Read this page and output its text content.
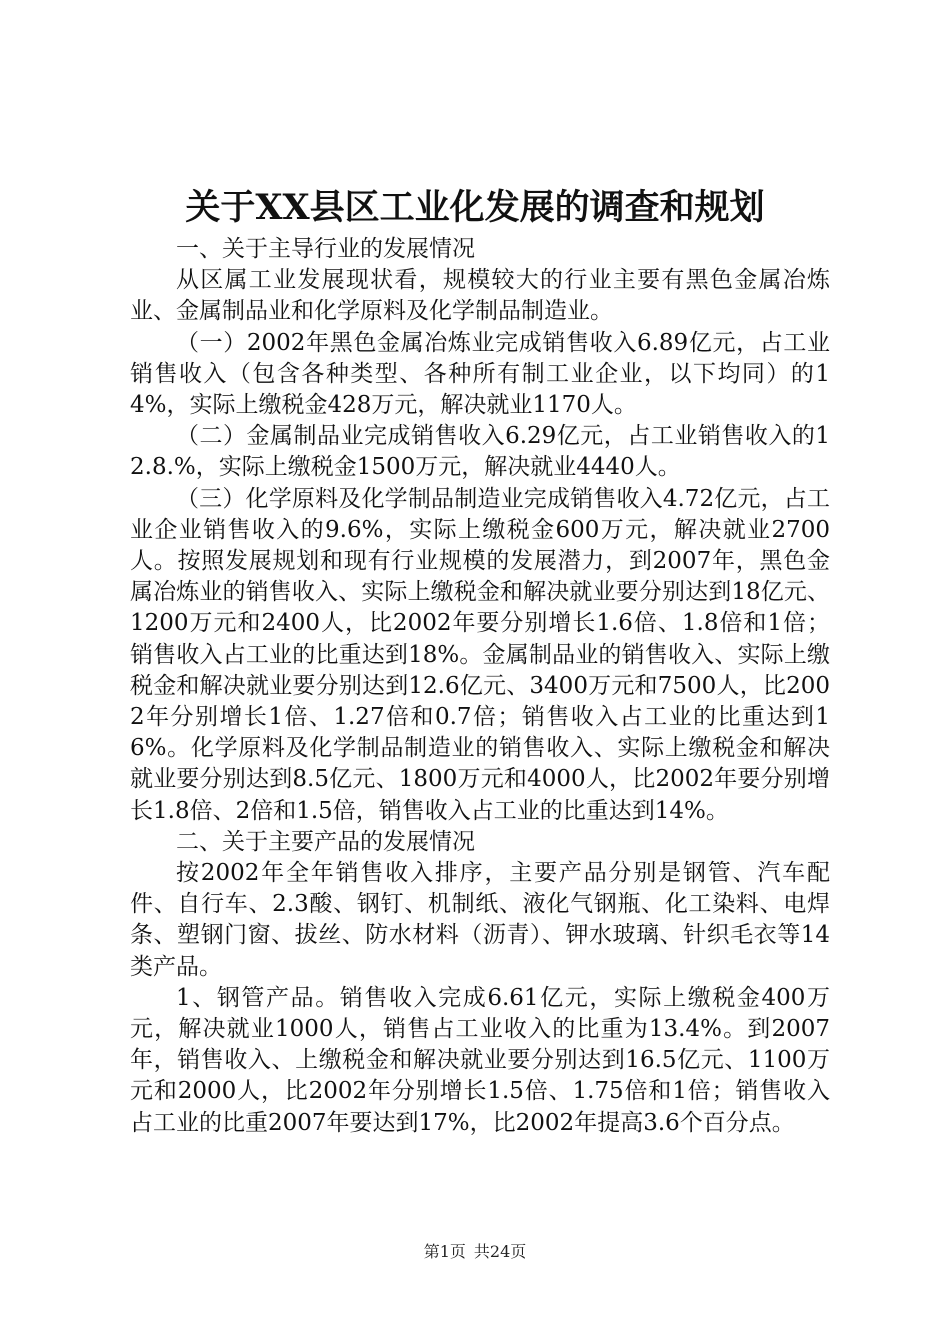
关于XX县区工业化发展的调查和规划

一、关于主导行业的发展情况

从区属工业发展现状看，规模较大的行业主要有黑色金属冶炼业、金属制品业和化学原料及化学制品制造业。

（一）2002年黑色金属冶炼业完成销售收入6.89亿元，占工业销售收入（包含各种类型、各种所有制工业企业，以下均同）的14%，实际上缴税金428万元，解决就业1170人。

（二）金属制品业完成销售收入6.29亿元，占工业销售收入的12.8.%，实际上缴税金1500万元，解决就业4440人。

（三）化学原料及化学制品制造业完成销售收入4.72亿元，占工业企业销售收入的9.6%，实际上缴税金600万元，解决就业2700人。按照发展规划和现有行业规模的发展潜力，到2007年，黑色金属冶炼业的销售收入、实际上缴税金和解决就业要分别达到18亿元、1200万元和2400人，比2002年要分别增长1.6倍、1.8倍和1倍；销售收入占工业的比重达到18%。金属制品业的销售收入、实际上缴税金和解决就业要分别达到12.6亿元、3400万元和7500人，比2002年分别增长1倍、1.27倍和0.7倍；销售收入占工业的比重达到16%。化学原料及化学制品制造业的销售收入、实际上缴税金和解决就业要分别达到8.5亿元、1800万元和4000人，比2002年要分别增长1.8倍、2倍和1.5倍，销售收入占工业的比重达到14%。

二、关于主要产品的发展情况

按2002年全年销售收入排序，主要产品分别是钢管、汽车配件、自行车、2.3酸、钢钉、机制纸、液化气钢瓶、化工染料、电焊条、塑钢门窗、拔丝、防水材料（沥青）、钾水玻璃、针织毛衣等14类产品。

1、钢管产品。销售收入完成6.61亿元，实际上缴税金400万元，解决就业1000人，销售占工业收入的比重为13.4%。到2007年，销售收入、上缴税金和解决就业要分别达到16.5亿元、1100万元和2000人，比2002年分别增长1.5倍、1.75倍和1倍；销售收入占工业的比重2007年要达到17%，比2002年提高3.6个百分点。

第1页 共24页
